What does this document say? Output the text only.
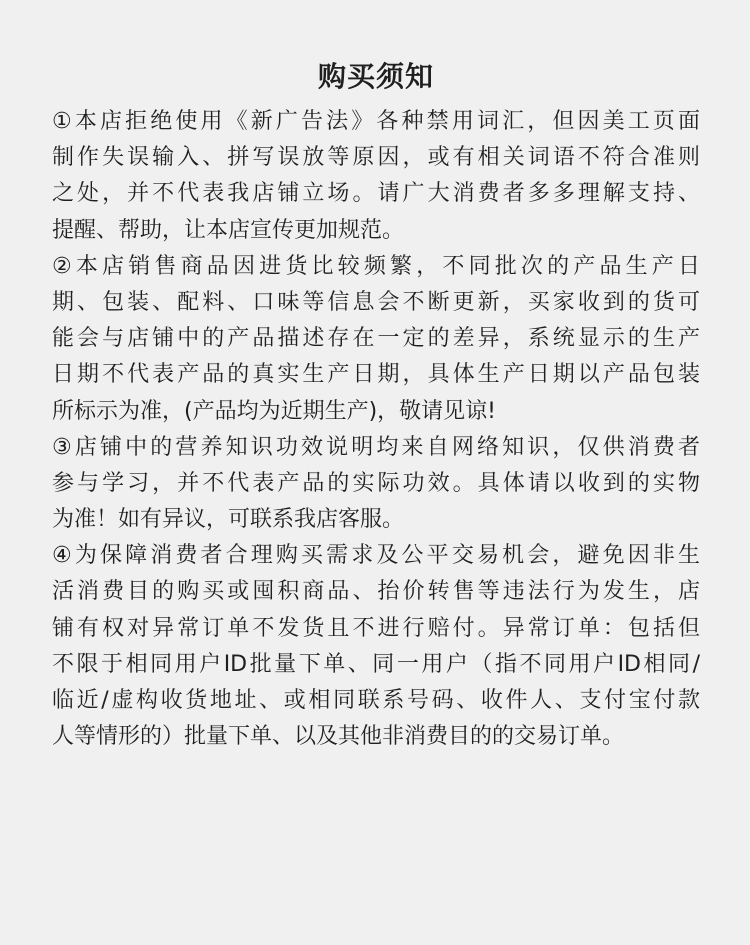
购买须知
①本店拒绝使用《新广告法》各种禁用词汇，但因美工页面
制作失误输入、拼写误放等原因，或有相关词语不符合准则
之处，并不代表我店铺立场。请广大消费者多多理解支持、
提醒、帮助，让本店宣传更加规范。
②本店销售商品因进货比较频繁，不同批次的产品生产日
期、包装、配料、口味等信息会不断更新，买家收到的货可
能会与店铺中的产品描述存在一定的差异，系统显示的生产
日期不代表产品的真实生产日期，具体生产日期以产品包装
所标示为准，(产品均为近期生产)，敬请见谅!
③店铺中的营养知识功效说明均来自网络知识，仅供消费者
参与学习，并不代表产品的实际功效。具体请以收到的实物
为准！如有异议，可联系我店客服。
④为保障消费者合理购买需求及公平交易机会，避免因非生
活消费目的购买或囤积商品、抬价转售等违法行为发生，店
铺有权对异常订单不发货且不进行赔付。异常订单：包括但
不限于相同用户ID批量下单、同一用户（指不同用户ID相同/
临近/虚构收货地址、或相同联系号码、收件人、支付宝付款
人等情形的）批量下单、以及其他非消费目的的交易订单。
